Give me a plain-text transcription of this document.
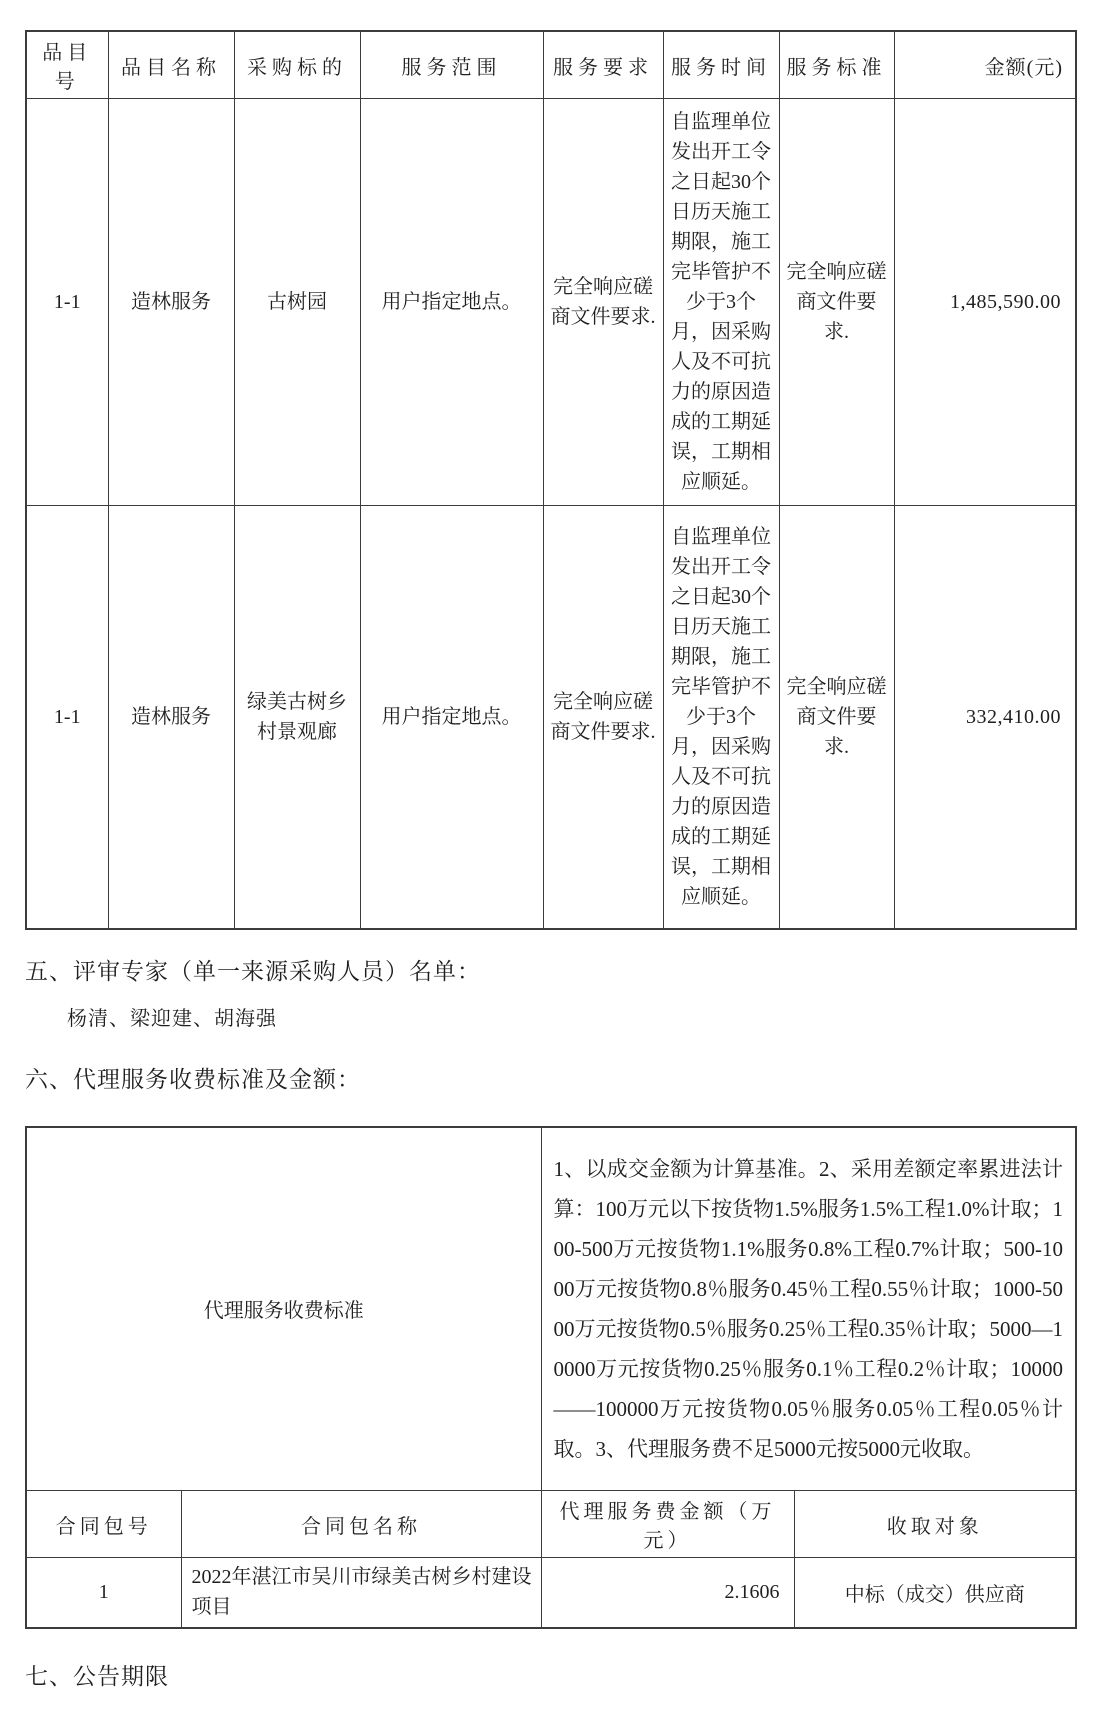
品目号	品目名称	采购标的	服务范围	服务要求	服务时间	服务标准	金额(元)
1-1	造林服务	古树园	用户指定地点。	完全响应磋商文件要求.	自监理单位发出开工令之日起30个日历天施工期限，施工完毕管护不少于3个月，因采购人及不可抗力的原因造成的工期延误，工期相应顺延。	完全响应磋商文件要求.	1,485,590.00
1-1	造林服务	绿美古树乡村景观廊	用户指定地点。	完全响应磋商文件要求.	自监理单位发出开工令之日起30个日历天施工期限，施工完毕管护不少于3个月，因采购人及不可抗力的原因造成的工期延误，工期相应顺延。	完全响应磋商文件要求.	332,410.00
五、评审专家（单一来源采购人员）名单：

杨清、梁迎建、胡海强

六、代理服务收费标准及金额：
代理服务收费标准		1、以成交金额为计算基准。2、采用差额定率累进法计算：100万元以下按货物1.5%服务1.5%工程1.0%计取；100-500万元按货物1.1%服务0.8%工程0.7%计取；500-1000万元按货物0.8％服务0.45％工程0.55％计取；1000-5000万元按货物0.5％服务0.25％工程0.35％计取；5000—10000万元按货物0.25％服务0.1％工程0.2％计取；10000——100000万元按货物0.05％服务0.05％工程0.05％计取。3、代理服务费不足5000元按5000元收取。	
合同包号	合同包名称	代理服务费金额（万元）	收取对象
1	2022年湛江市吴川市绿美古树乡村建设项目	2.1606	中标（成交）供应商
七、公告期限
